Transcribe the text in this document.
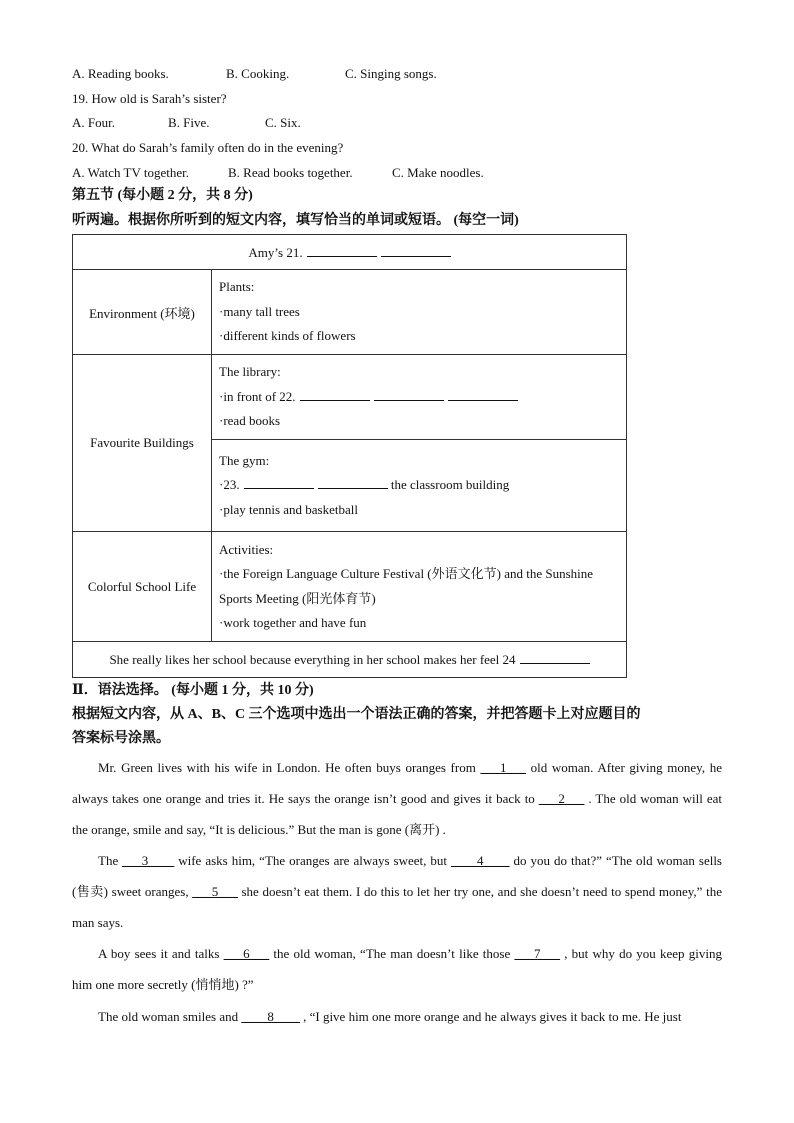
A. Reading books.	B. Cooking.	C. Singing songs.
19. How old is Sarah’s sister?
A. Four.	B. Five.	C. Six.
20. What do Sarah’s family often do in the evening?
A. Watch TV together.	B. Read books together.	C. Make noodles.
第五节 (每小题 2 分，共 8 分)
听两遍。根据你所听到的短文内容，填写恰当的单词或短语。 (每空一词)
Amy’s 21.	
Environment (环境)	Plants:
·many tall trees
·different kinds of flowers

Favourite Buildings	The library:
·in front of 22.
·read books

	The gym:
·23. the classroom building
·play tennis and basketball

Colorful School Life	Activities:
·the Foreign Language Culture Festival (外语文化节) and the Sunshine
Sports Meeting (阳光体育节)
·work together and have fun

She really likes her school because everything in her school makes her feel 24	
Ⅱ．语法选择。 (每小题 1 分，共 10 分)
根据短文内容，从 A、B、C 三个选项中选出一个语法正确的答案，并把答题卡上对应题目的
答案标号涂黑。
Mr. Green lives with his wife in London. He often buys oranges from ___1___ old woman. After giving money, he always takes one orange and tries it. He says the orange isn’t good and gives it back to ___2___ . The old woman will eat the orange, smile and say, “It is delicious.” But the man is gone (离开) .
The ___3____ wife asks him, “The oranges are always sweet, but ____4____ do you do that?” “The old woman sells (售卖) sweet oranges, ___5___ she doesn’t eat them. I do this to let her try one, and she doesn’t need to spend money,” the man says.
A boy sees it and talks ___6___ the old woman, “The man doesn’t like those ___7___ , but why do you keep giving him one more secretly (悄悄地) ?”
The old woman smiles and ____8____ , “I give him one more orange and he always gives it back to me. He just
